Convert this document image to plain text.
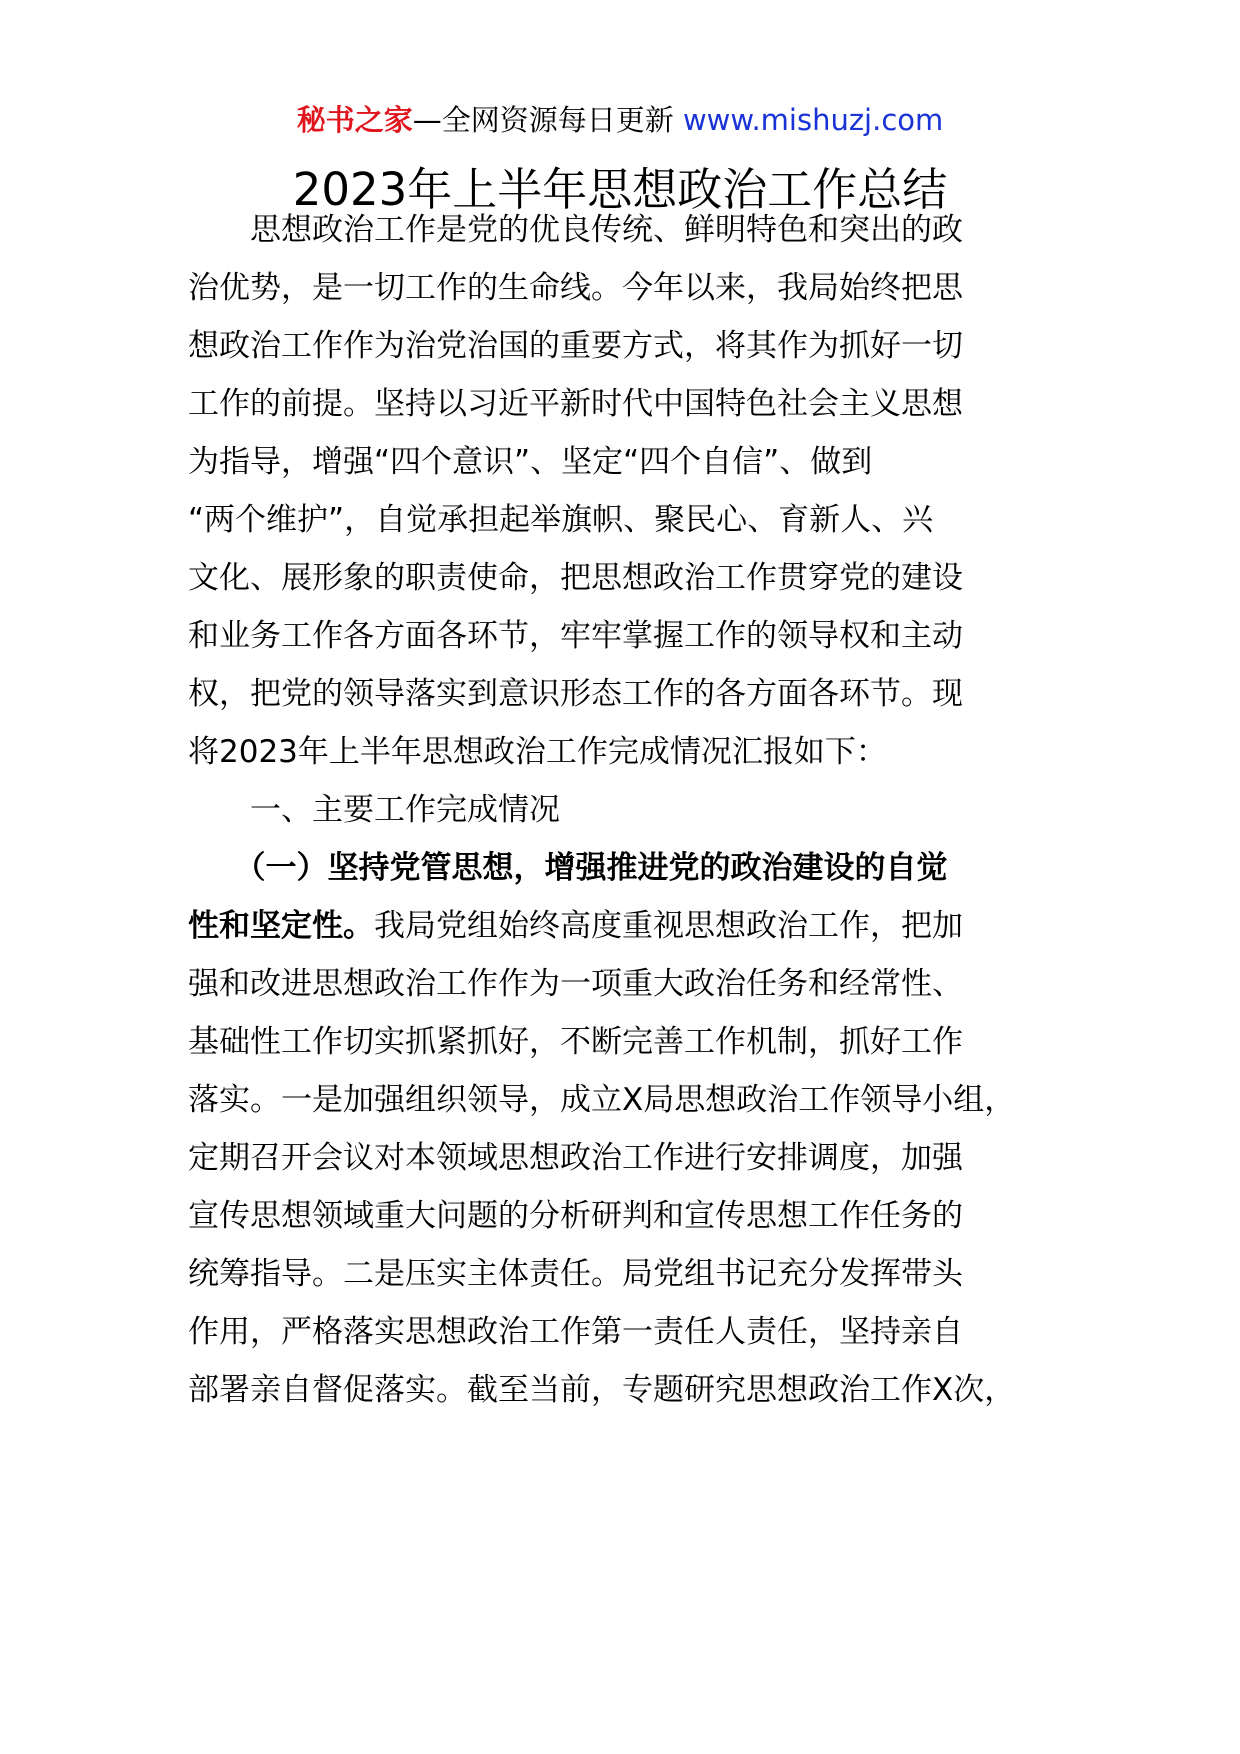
秘书之家—全网资源每日更新 www.mishuzj.com
2023年上半年思想政治工作总结
　　思想政治工作是党的优良传统、鲜明特色和突出的政
治优势，是一切工作的生命线。今年以来，我局始终把思
想政治工作作为治党治国的重要方式，将其作为抓好一切
工作的前提。坚持以习近平新时代中国特色社会主义思想
为指导，增强“四个意识”、坚定“四个自信”、做到
“两个维护”，自觉承担起举旗帜、聚民心、育新人、兴
文化、展形象的职责使命，把思想政治工作贯穿党的建设
和业务工作各方面各环节，牢牢掌握工作的领导权和主动
权，把党的领导落实到意识形态工作的各方面各环节。现
将2023年上半年思想政治工作完成情况汇报如下：
　　一、主要工作完成情况
　　（一）坚持党管思想，增强推进党的政治建设的自觉
性和坚定性。我局党组始终高度重视思想政治工作，把加
强和改进思想政治工作作为一项重大政治任务和经常性、
基础性工作切实抓紧抓好，不断完善工作机制，抓好工作
落实。一是加强组织领导，成立X局思想政治工作领导小组，
定期召开会议对本领域思想政治工作进行安排调度，加强
宣传思想领域重大问题的分析研判和宣传思想工作任务的
统筹指导。二是压实主体责任。局党组书记充分发挥带头
作用，严格落实思想政治工作第一责任人责任，坚持亲自
部署亲自督促落实。截至当前，专题研究思想政治工作X次，
